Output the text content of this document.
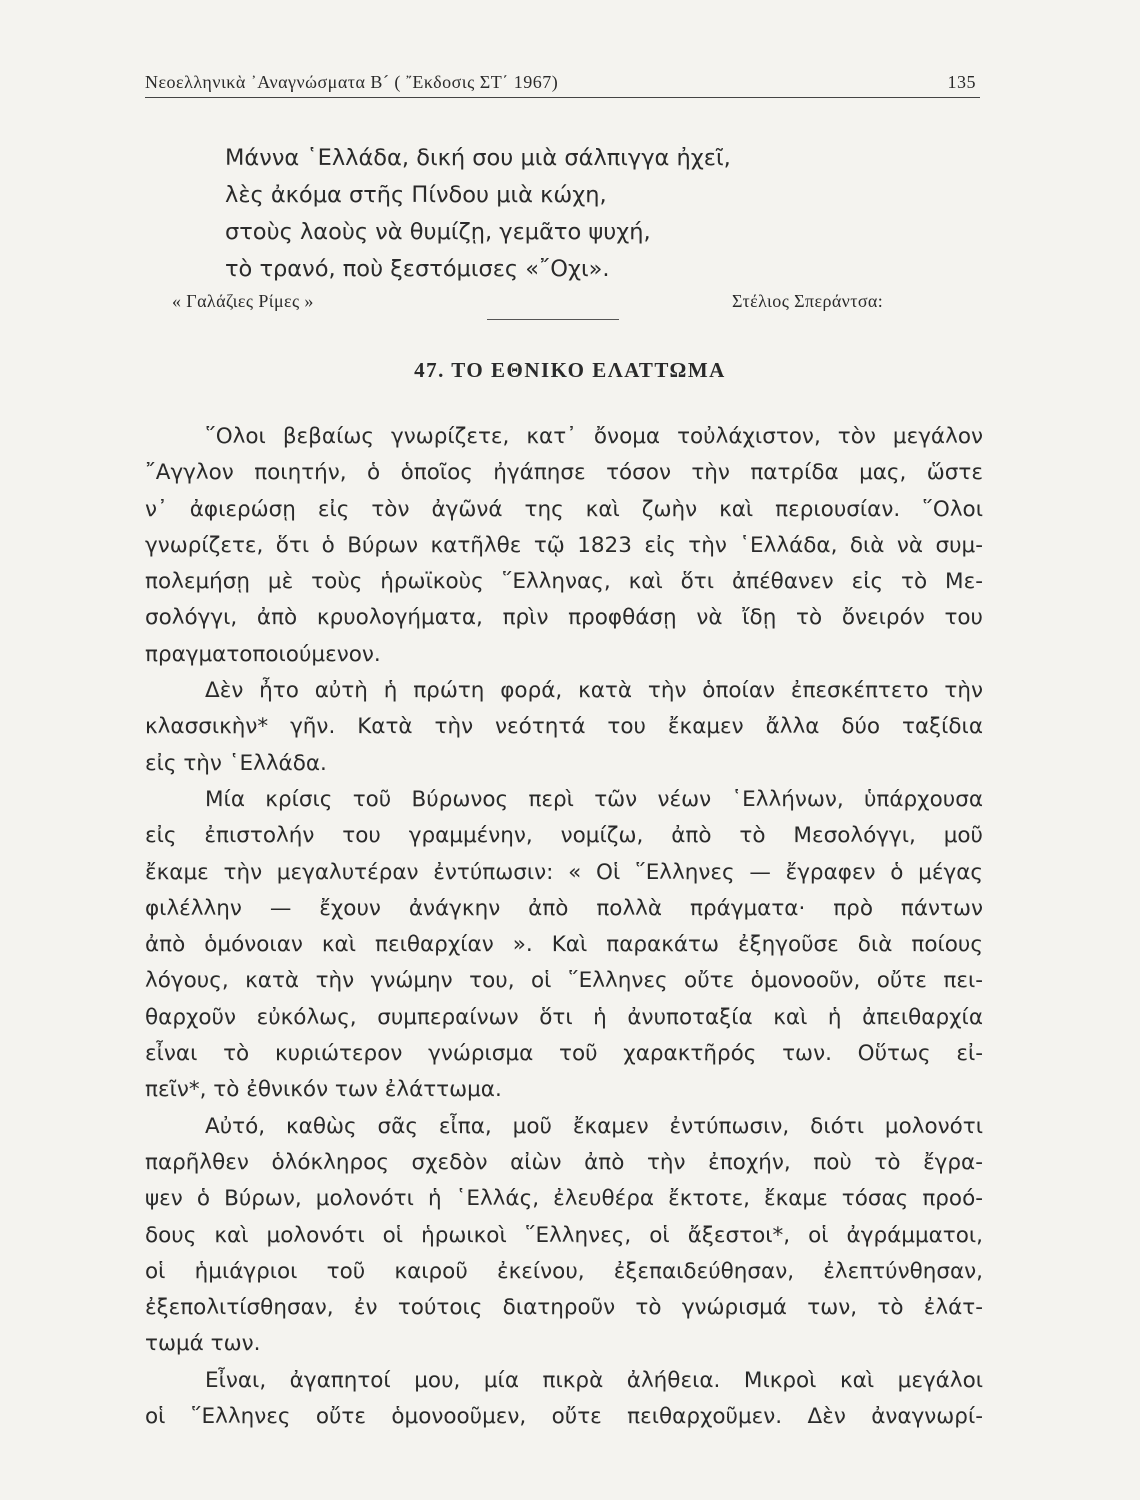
Νεοελληνικὰ ᾿Αναγνώσματα Β´ ( ῎Εκδοσις ΣΤ΄ 1967)	135
Μάννα ῾Ελλάδα, δική σου μιὰ σάλπιγγα ἠχεῖ,
λὲς ἀκόμα στῆς Πίνδου μιὰ κώχη,
στοὺς λαοὺς νὰ θυμίζῃ, γεμᾶτο ψυχή,
τὸ τρανό, ποὺ ξεστόμισες «῎Οχι».
« Γαλάζιες Ρίμες »	Στέλιος Σπεράντσα:
47. ΤΟ ΕΘΝΙΚΟ ΕΛΑΤΤΩΜΑ
῞Ολοι βεβαίως γνωρίζετε, κατ᾿ ὄνομα τοὐλάχιστον, τὸν μεγάλον
῎Αγγλον ποιητήν, ὁ ὁποῖος ἠγάπησε τόσον τὴν πατρίδα μας, ὥστε
ν᾿ ἀφιερώσῃ εἰς τὸν ἀγῶνά της καὶ ζωὴν καὶ περιουσίαν. ῞Ολοι
γνωρίζετε, ὅτι ὁ Βύρων κατῆλθε τῷ 1823 εἰς τὴν ῾Ελλάδα, διὰ νὰ συμ-
πολεμήσῃ μὲ τοὺς ἡρωϊκοὺς ῞Ελληνας, καὶ ὅτι ἀπέθανεν εἰς τὸ Με-
σολόγγι, ἀπὸ κρυολογήματα, πρὶν προφθάσῃ νὰ ἴδῃ τὸ ὄνειρόν του
πραγματοποιούμενον.
Δὲν ἦτο αὐτὴ ἡ πρώτη φορά, κατὰ τὴν ὁποίαν ἐπεσκέπτετο τὴν
κλασσικὴν* γῆν. Κατὰ τὴν νεότητά του ἔκαμεν ἄλλα δύο ταξίδια
εἰς τὴν ῾Ελλάδα.
Μία κρίσις τοῦ Βύρωνος περὶ τῶν νέων ῾Ελλήνων, ὑπάρχουσα
εἰς ἐπιστολήν του γραμμένην, νομίζω, ἀπὸ τὸ Μεσολόγγι, μοῦ
ἔκαμε τὴν μεγαλυτέραν ἐντύπωσιν: « Οἱ ῞Ελληνες — ἔγραφεν ὁ μέγας
φιλέλλην — ἔχουν ἀνάγκην ἀπὸ πολλὰ πράγματα· πρὸ πάντων
ἀπὸ ὁμόνοιαν καὶ πειθαρχίαν ». Καὶ παρακάτω ἐξηγοῦσε διὰ ποίους
λόγους, κατὰ τὴν γνώμην του, οἱ ῞Ελληνες οὔτε ὁμονοοῦν, οὔτε πει-
θαρχοῦν εὐκόλως, συμπεραίνων ὅτι ἡ ἀνυποταξία καὶ ἡ ἀπειθαρχία
εἶναι τὸ κυριώτερον γνώρισμα τοῦ χαρακτῆρός των. Οὕτως εἰ-
πεῖν*, τὸ ἐθνικόν των ἐλάττωμα.
Αὐτό, καθὼς σᾶς εἶπα, μοῦ ἔκαμεν ἐντύπωσιν, διότι μολονότι
παρῆλθεν ὁλόκληρος σχεδὸν αἰὼν ἀπὸ τὴν ἐποχήν, ποὺ τὸ ἔγρα-
ψεν ὁ Βύρων, μολονότι ἡ ῾Ελλάς, ἐλευθέρα ἔκτοτε, ἔκαμε τόσας προό-
δους καὶ μολονότι οἱ ἡρωικοὶ ῞Ελληνες, οἱ ἄξεστοι*, οἱ ἀγράμματοι,
οἱ ἡμιάγριοι τοῦ καιροῦ ἐκείνου, ἐξεπαιδεύθησαν, ἐλεπτύνθησαν,
ἐξεπολιτίσθησαν, ἐν τούτοις διατηροῦν τὸ γνώρισμά των, τὸ ἐλάτ-
τωμά των.
Εἶναι, ἀγαπητοί μου, μία πικρὰ ἀλήθεια. Μικροὶ καὶ μεγάλοι
οἱ ῞Ελληνες οὔτε ὁμονοοῦμεν, οὔτε πειθαρχοῦμεν. Δὲν ἀναγνωρί-
